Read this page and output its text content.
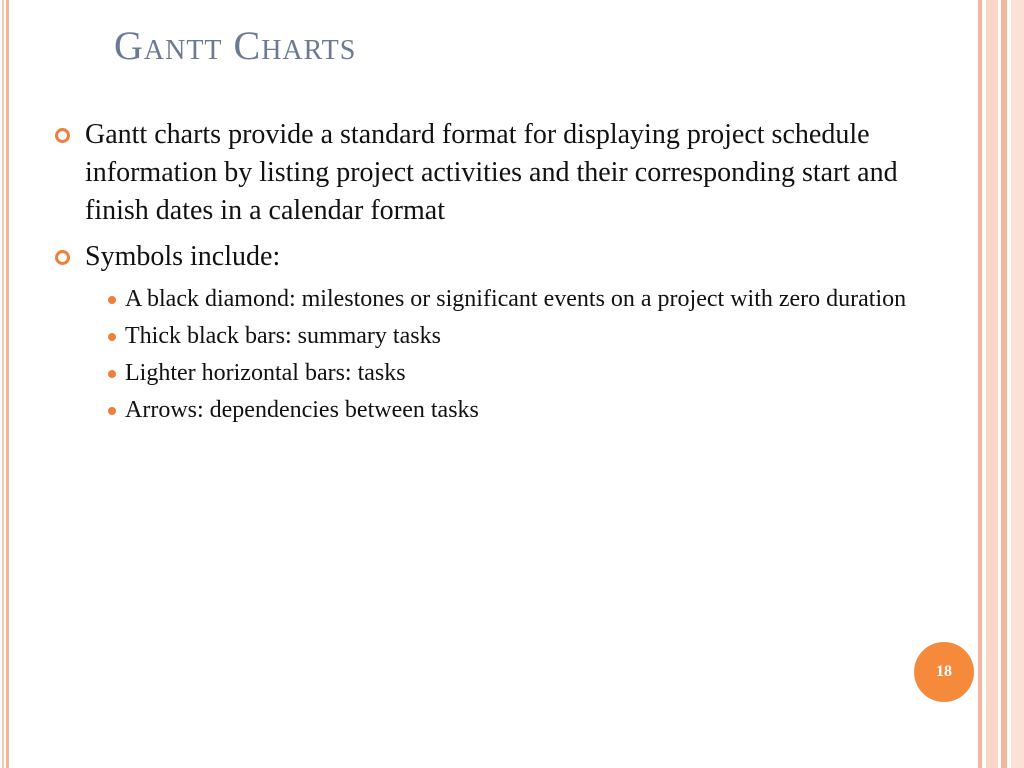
Gantt Charts
Gantt charts provide a standard format for displaying project schedule information by listing project activities and their corresponding start and finish dates in a calendar format
Symbols include:
A black diamond: milestones or significant events on a project with zero duration
Thick black bars: summary tasks
Lighter horizontal bars: tasks
Arrows: dependencies between tasks
18
